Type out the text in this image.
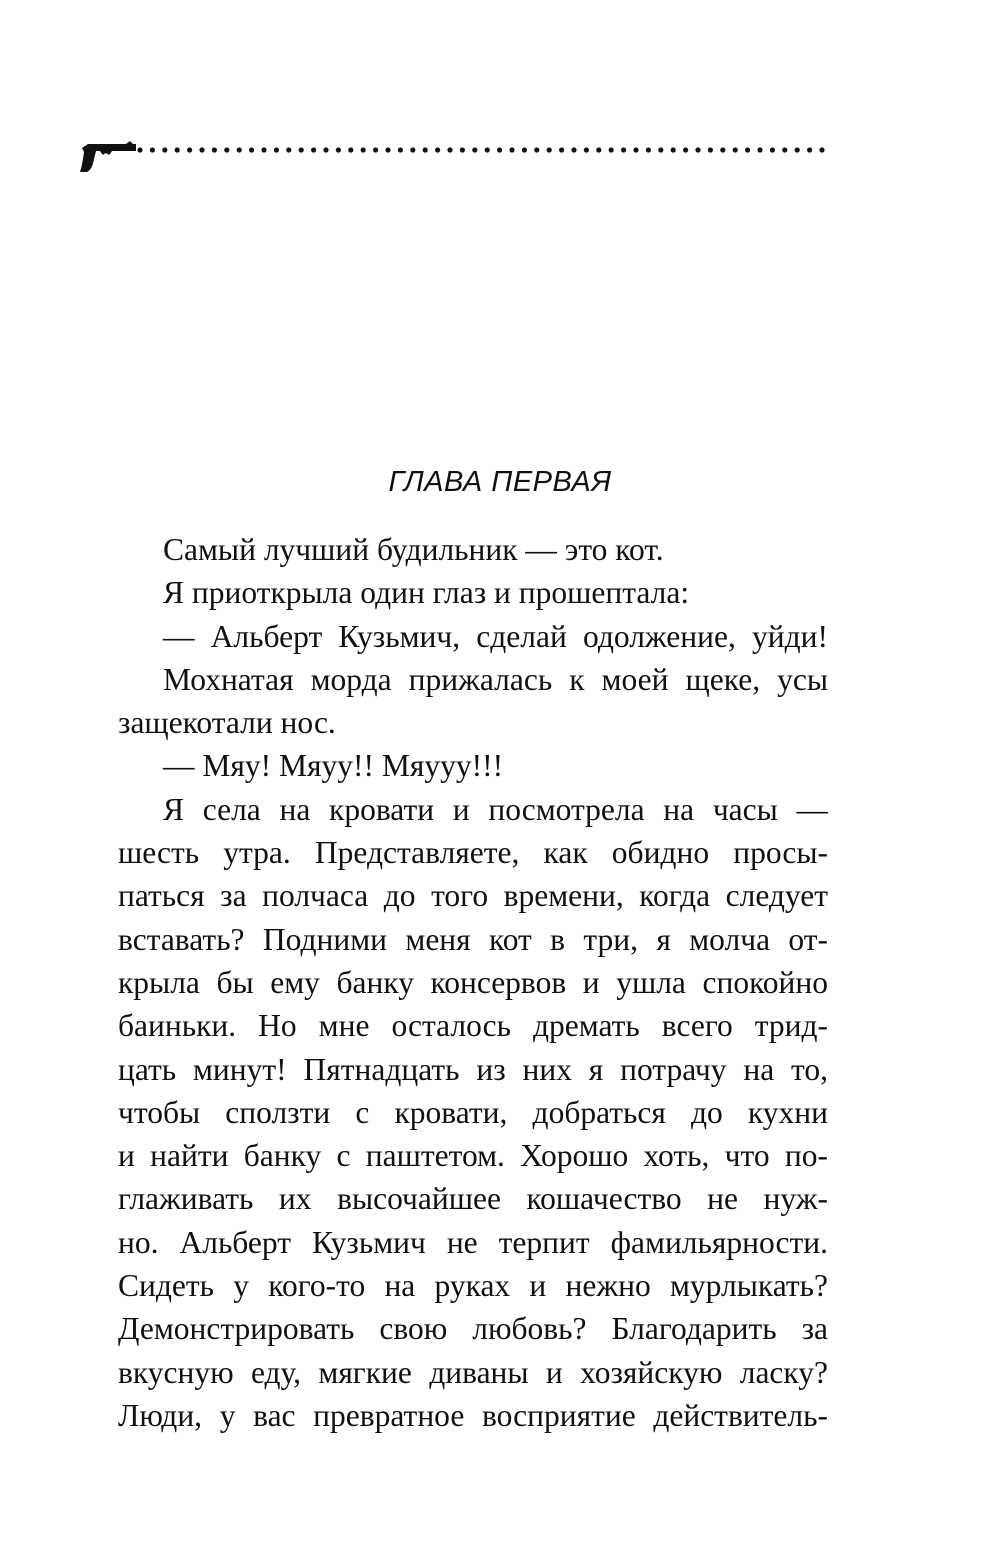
ГЛАВА ПЕРВАЯ
Самый лучший будильник — это кот.
Я приоткрыла один глаз и прошептала:
— Альберт Кузьмич, сделай одолжение, уйди!
Мохнатая морда прижалась к моей щеке, усы
защекотали нос.
— Мяу! Мяуу!! Мяууу!!!
Я села на кровати и посмотрела на часы —
шесть утра. Представляете, как обидно просы-
паться за полчаса до того времени, когда следует
вставать? Подними меня кот в три, я молча от-
крыла бы ему банку консервов и ушла спокойно
баиньки. Но мне осталось дремать всего трид-
цать минут! Пятнадцать из них я потрачу на то,
чтобы сползти с кровати, добраться до кухни
и найти банку с паштетом. Хорошо хоть, что по-
глаживать их высочайшее кошачество не нуж-
но. Альберт Кузьмич не терпит фамильярности.
Сидеть у кого-то на руках и нежно мурлыкать?
Демонстрировать свою любовь? Благодарить за
вкусную еду, мягкие диваны и хозяйскую ласку?
Люди, у вас превратное восприятие действитель-
